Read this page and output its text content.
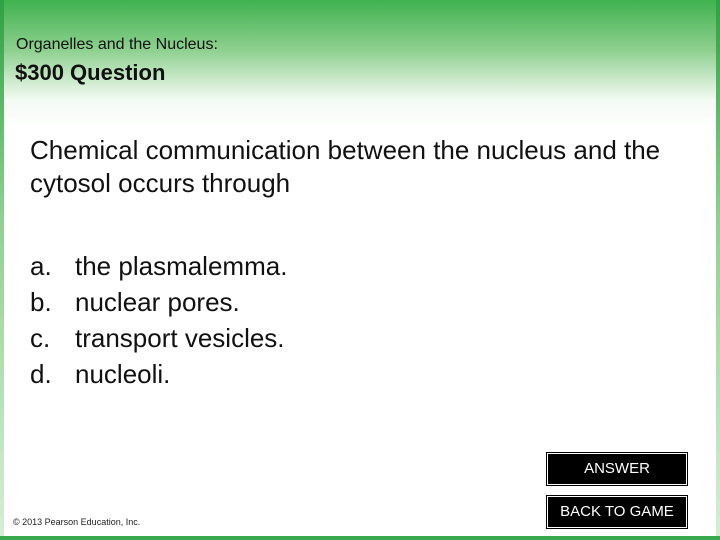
Organelles and the Nucleus:
$300 Question
Chemical communication between the nucleus and the cytosol occurs through
a. the plasmalemma.
b. nuclear pores.
c. transport vesicles.
d. nucleoli.
ANSWER
BACK TO GAME
© 2013 Pearson Education, Inc.
